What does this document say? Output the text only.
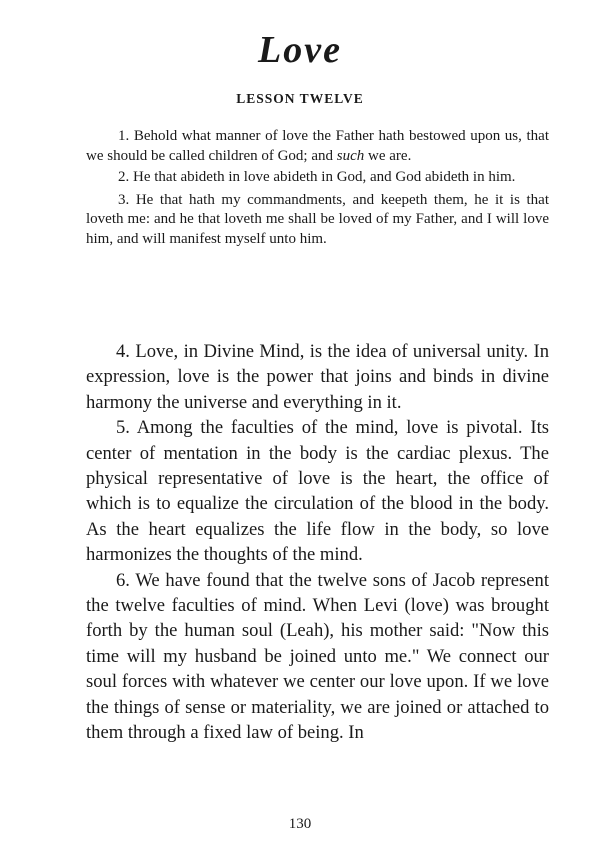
Love
LESSON TWELVE

1. Behold what manner of love the Father hath bestowed upon us, that we should be called children of God; and such we are.

2. He that abideth in love abideth in God, and God abideth in him.

3. He that hath my commandments, and keepeth them, he it is that loveth me: and he that loveth me shall be loved of my Father, and I will love him, and will manifest myself unto him.

4. Love, in Divine Mind, is the idea of universal unity. In expression, love is the power that joins and binds in divine harmony the universe and everything in it.

5. Among the faculties of the mind, love is pivotal. Its center of mentation in the body is the cardiac plexus. The physical representative of love is the heart, the office of which is to equalize the circulation of the blood in the body. As the heart equalizes the life flow in the body, so love harmonizes the thoughts of the mind.

6. We have found that the twelve sons of Jacob represent the twelve faculties of mind. When Levi (love) was brought forth by the human soul (Leah), his mother said: "Now this time will my husband be joined unto me." We connect our soul forces with whatever we center our love upon. If we love the things of sense or materiality, we are joined or attached to them through a fixed law of being. In

130
